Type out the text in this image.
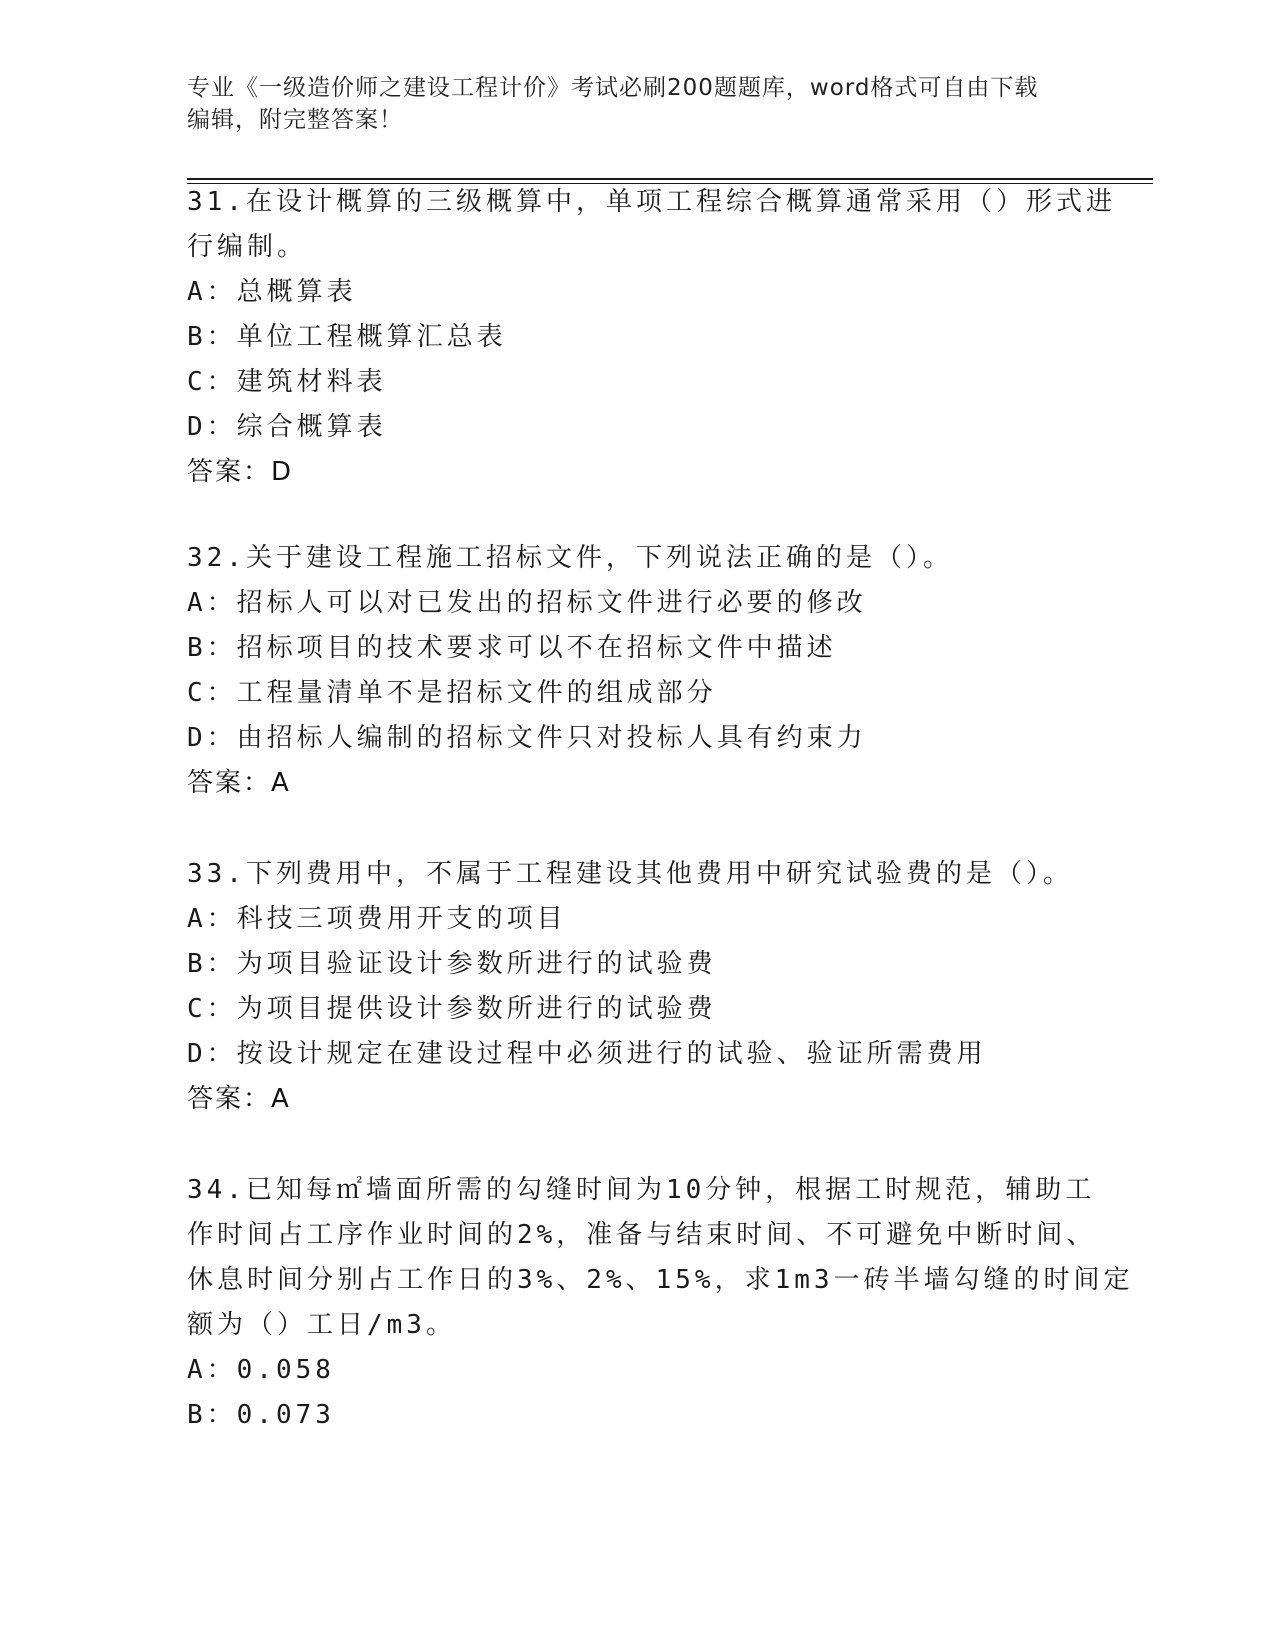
专业《一级造价师之建设工程计价》考试必刷200题题库，word格式可自由下载
编辑，附完整答案！
31.在设计概算的三级概算中，单项工程综合概算通常采用（）形式进
行编制。
A：总概算表
B：单位工程概算汇总表
C：建筑材料表
D：综合概算表
答案：D
32.关于建设工程施工招标文件，下列说法正确的是（）。
A：招标人可以对已发出的招标文件进行必要的修改
B：招标项目的技术要求可以不在招标文件中描述
C：工程量清单不是招标文件的组成部分
D：由招标人编制的招标文件只对投标人具有约束力
答案：A
33.下列费用中，不属于工程建设其他费用中研究试验费的是（）。
A：科技三项费用开支的项目
B：为项目验证设计参数所进行的试验费
C：为项目提供设计参数所进行的试验费
D：按设计规定在建设过程中必须进行的试验、验证所需费用
答案：A
34.已知每㎡墙面所需的勾缝时间为10分钟，根据工时规范，辅助工
作时间占工序作业时间的2%，准备与结束时间、不可避免中断时间、
休息时间分别占工作日的3%、2%、15%，求1m3一砖半墙勾缝的时间定
额为（）工日/m3。
A：0.058
B：0.073
